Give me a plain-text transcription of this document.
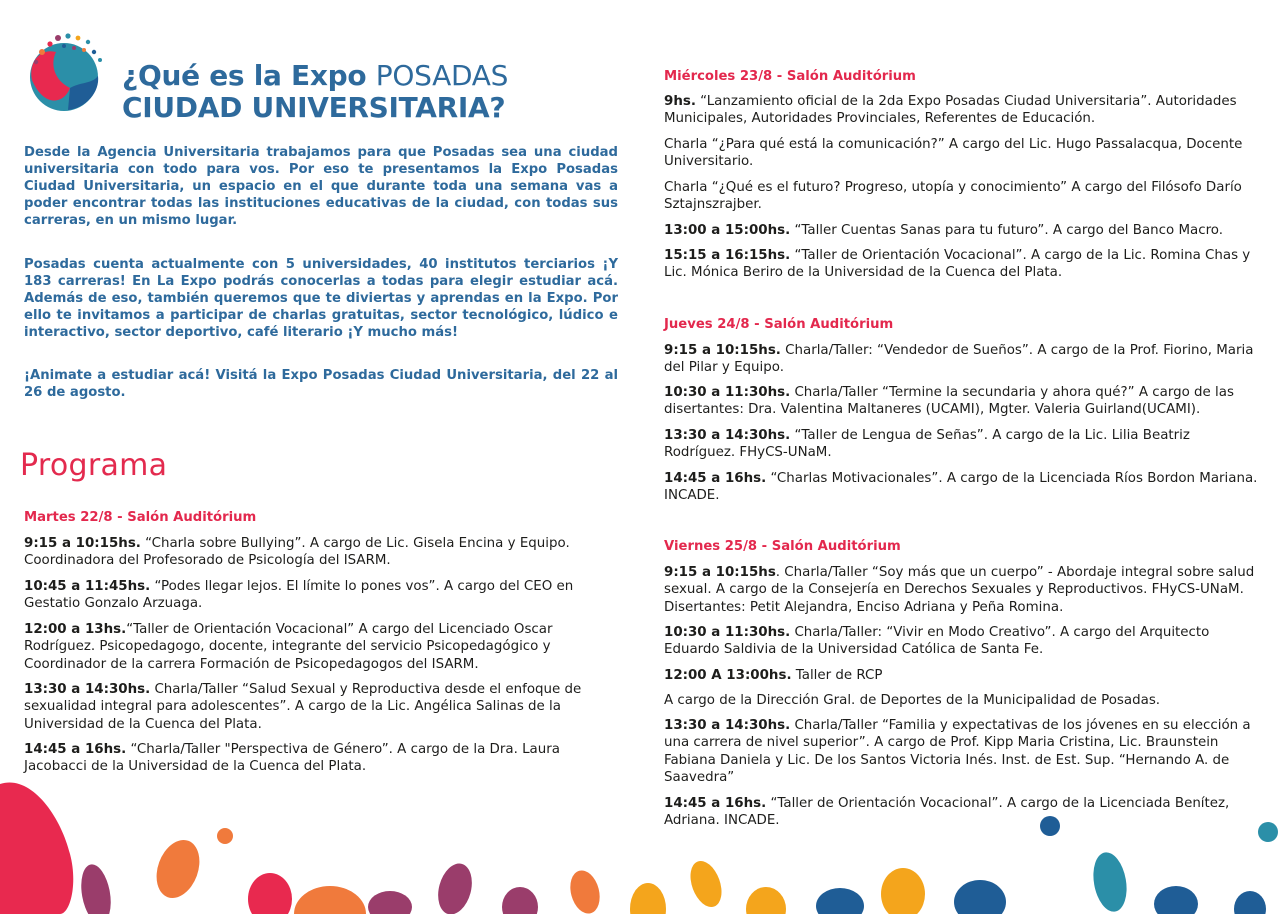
¿Qué es la Expo POSADAS
CIUDAD UNIVERSITARIA?

Desde la Agencia Universitaria trabajamos para que Posadas sea una ciudad universitaria con todo para vos. Por eso te presentamos la Expo Posadas Ciudad Universitaria, un espacio en el que durante toda una semana vas a poder encontrar todas las instituciones educativas de la ciudad, con todas sus carreras, en un mismo lugar.

Posadas cuenta actualmente con 5 universidades, 40 institutos terciarios ¡Y 183 carreras! En La Expo podrás conocerlas a todas para elegir estudiar acá. Además de eso, también queremos que te diviertas y aprendas en la Expo. Por ello te invitamos a participar de charlas gratuitas, sector tecnológico, lúdico e interactivo, sector deportivo, café literario ¡Y mucho más!

¡Animate a estudiar acá! Visitá la Expo Posadas Ciudad Universitaria, del 22 al 26 de agosto.

Programa

Martes 22/8 - Salón Auditórium

9:15 a 10:15hs. “Charla sobre Bullying”. A cargo de Lic. Gisela Encina y Equipo. Coordinadora del Profesorado de Psicología del ISARM.

10:45 a 11:45hs. “Podes llegar lejos. El límite lo pones vos”. A cargo del CEO en Gestatio Gonzalo Arzuaga.

12:00 a 13hs.“Taller de Orientación Vocacional” A cargo del Licenciado Oscar Rodríguez. Psicopedagogo, docente, integrante del servicio Psicopedagógico y Coordinador de la carrera Formación de Psicopedagogos del ISARM.

13:30 a 14:30hs. Charla/Taller “Salud Sexual y Reproductiva desde el enfoque de sexualidad integral para adolescentes”. A cargo de la Lic. Angélica Salinas de la Universidad de la Cuenca del Plata.

14:45 a 16hs. “Charla/Taller "Perspectiva de Género”. A cargo de la Dra. Laura Jacobacci de la Universidad de la Cuenca del Plata.

Miércoles 23/8 - Salón Auditórium

9hs. “Lanzamiento oficial de la 2da Expo Posadas Ciudad Universitaria”. Autoridades Municipales, Autoridades Provinciales, Referentes de Educación.

Charla “¿Para qué está la comunicación?” A cargo del Lic. Hugo Passalacqua, Docente Universitario.

Charla “¿Qué es el futuro? Progreso, utopía y conocimiento” A cargo del Filósofo Darío Sztajnszrajber.

13:00 a 15:00hs. “Taller Cuentas Sanas para tu futuro”. A cargo del Banco Macro.

15:15 a 16:15hs. “Taller de Orientación Vocacional”. A cargo de la Lic. Romina Chas y Lic. Mónica Beriro de la Universidad de la Cuenca del Plata.

Jueves 24/8 - Salón Auditórium

9:15 a 10:15hs. Charla/Taller: “Vendedor de Sueños”. A cargo de la Prof. Fiorino, Maria del Pilar y Equipo.

10:30 a 11:30hs. Charla/Taller “Termine la secundaria y ahora qué?” A cargo de las disertantes: Dra. Valentina Maltaneres (UCAMI), Mgter. Valeria Guirland(UCAMI).

13:30 a 14:30hs. “Taller de Lengua de Señas”. A cargo de la Lic. Lilia Beatriz Rodríguez. FHyCS-UNaM.

14:45 a 16hs. “Charlas Motivacionales”. A cargo de la Licenciada Ríos Bordon Mariana. INCADE.

Viernes 25/8 - Salón Auditórium

9:15 a 10:15hs. Charla/Taller “Soy más que un cuerpo” - Abordaje integral sobre salud sexual. A cargo de la Consejería en Derechos Sexuales y Reproductivos. FHyCS-UNaM. Disertantes: Petit Alejandra, Enciso Adriana y Peña Romina.

10:30 a 11:30hs. Charla/Taller: “Vivir en Modo Creativo”. A cargo del Arquitecto Eduardo Saldivia de la Universidad Católica de Santa Fe.

12:00 A 13:00hs. Taller de RCP

A cargo de la Dirección Gral. de Deportes de la Municipalidad de Posadas.

13:30 a 14:30hs. Charla/Taller “Familia y expectativas de los jóvenes en su elección a una carrera de nivel superior”. A cargo de Prof. Kipp Maria Cristina, Lic. Braunstein Fabiana Daniela y Lic. De los Santos Victoria Inés. Inst. de Est. Sup. “Hernando A. de Saavedra”

14:45 a 16hs. “Taller de Orientación Vocacional”. A cargo de la Licenciada Benítez, Adriana. INCADE.
